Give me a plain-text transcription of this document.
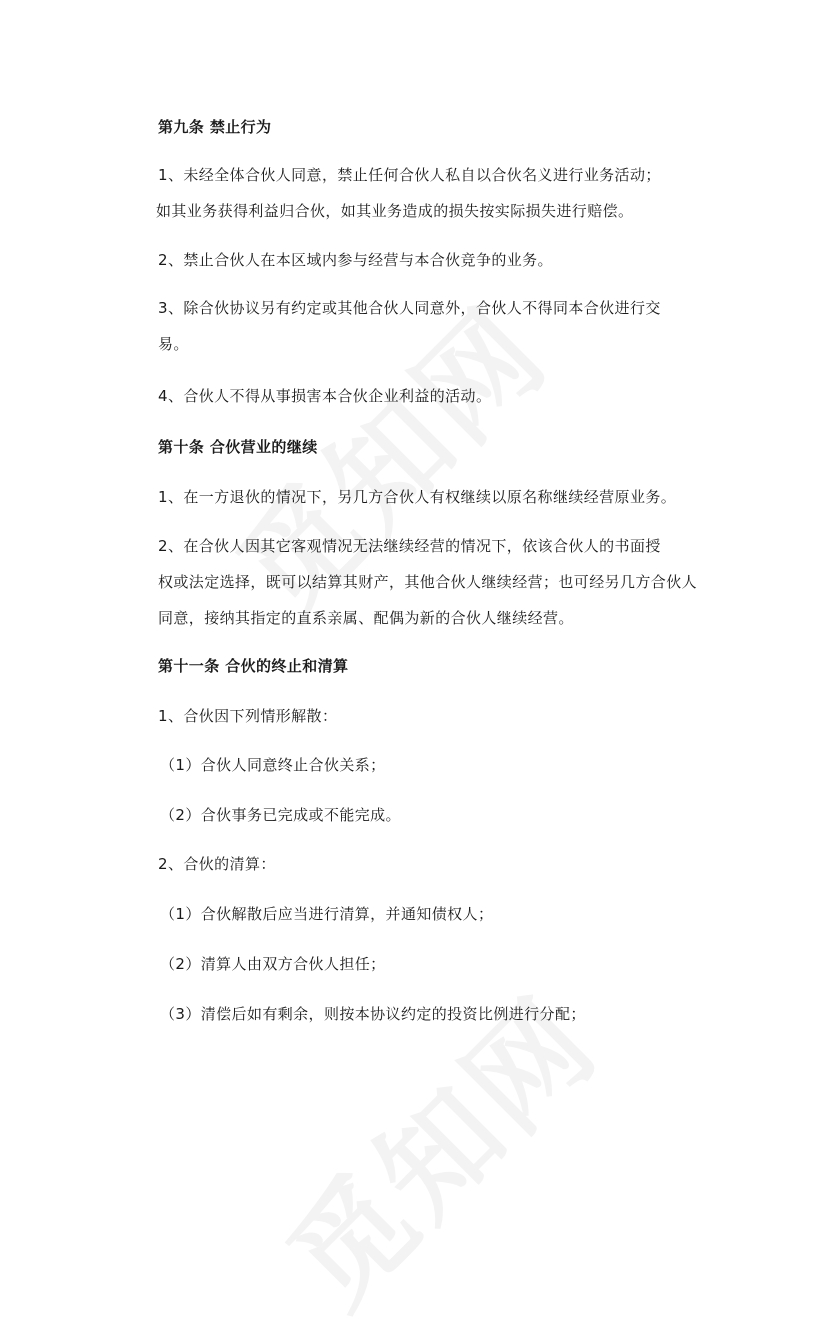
第九条 禁止行为
1、未经全体合伙人同意，禁止任何合伙人私自以合伙名义进行业务活动；
如其业务获得利益归合伙，如其业务造成的损失按实际损失进行赔偿。
2、禁止合伙人在本区域内参与经营与本合伙竞争的业务。
3、除合伙协议另有约定或其他合伙人同意外，合伙人不得同本合伙进行交
易。
4、合伙人不得从事损害本合伙企业利益的活动。
第十条 合伙营业的继续
1、在一方退伙的情况下，另几方合伙人有权继续以原名称继续经营原业务。
2、在合伙人因其它客观情况无法继续经营的情况下，依该合伙人的书面授
权或法定选择，既可以结算其财产，其他合伙人继续经营；也可经另几方合伙人
同意，接纳其指定的直系亲属、配偶为新的合伙人继续经营。
第十一条 合伙的终止和清算
1、合伙因下列情形解散：
（1）合伙人同意终止合伙关系；
（2）合伙事务已完成或不能完成。
2、合伙的清算：
（1）合伙解散后应当进行清算，并通知债权人；
（2）清算人由双方合伙人担任；
（3）清偿后如有剩余，则按本协议约定的投资比例进行分配；
